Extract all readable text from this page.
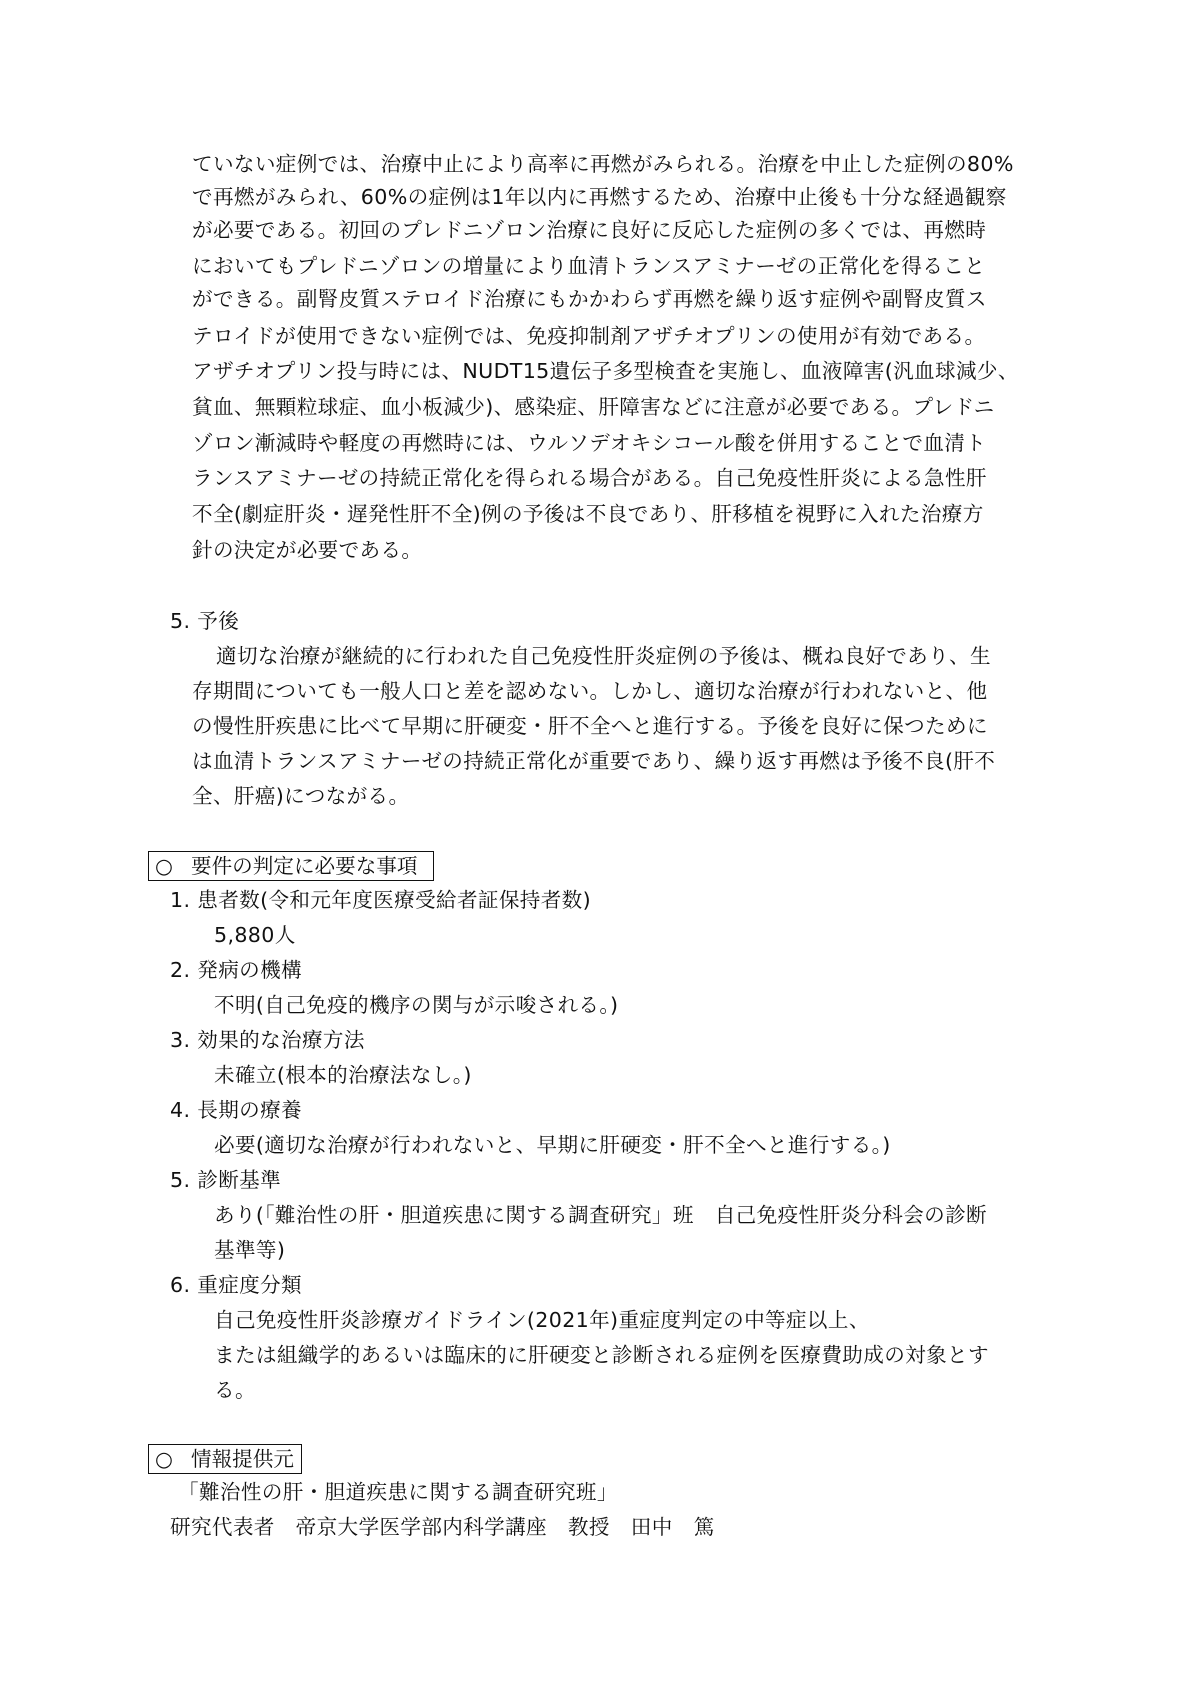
ていない症例では、治療中止により高率に再燃がみられる。治療を中止した症例の80%
で再燃がみられ、60%の症例は1年以内に再燃するため、治療中止後も十分な経過観察
が必要である。初回のプレドニゾロン治療に良好に反応した症例の多くでは、再燃時
においてもプレドニゾロンの増量により血清トランスアミナーゼの正常化を得ること
ができる。副腎皮質ステロイド治療にもかかわらず再燃を繰り返す症例や副腎皮質ス
テロイドが使用できない症例では、免疫抑制剤アザチオプリンの使用が有効である。
アザチオプリン投与時には、NUDT15遺伝子多型検査を実施し、血液障害(汎血球減少、
貧血、無顆粒球症、血小板減少)、感染症、肝障害などに注意が必要である。プレドニ
ゾロン漸減時や軽度の再燃時には、ウルソデオキシコール酸を併用することで血清ト
ランスアミナーゼの持続正常化を得られる場合がある。自己免疫性肝炎による急性肝
不全(劇症肝炎・遅発性肝不全)例の予後は不良であり、肝移植を視野に入れた治療方
針の決定が必要である。
5. 予後
適切な治療が継続的に行われた自己免疫性肝炎症例の予後は、概ね良好であり、生
存期間についても一般人口と差を認めない。しかし、適切な治療が行われないと、他
の慢性肝疾患に比べて早期に肝硬変・肝不全へと進行する。予後を良好に保つために
は血清トランスアミナーゼの持続正常化が重要であり、繰り返す再燃は予後不良(肝不
全、肝癌)につながる。
○ 要件の判定に必要な事項
1. 患者数(令和元年度医療受給者証保持者数)
5,880人
2. 発病の機構
不明(自己免疫的機序の関与が示唆される。)
3. 効果的な治療方法
未確立(根本的治療法なし。)
4. 長期の療養
必要(適切な治療が行われないと、早期に肝硬変・肝不全へと進行する。)
5. 診断基準
あり(「難治性の肝・胆道疾患に関する調査研究」班　自己免疫性肝炎分科会の診断
基準等)
6. 重症度分類
自己免疫性肝炎診療ガイドライン(2021年)重症度判定の中等症以上、
または組織学的あるいは臨床的に肝硬変と診断される症例を医療費助成の対象とす
る。
○ 情報提供元
「難治性の肝・胆道疾患に関する調査研究班」
研究代表者　帝京大学医学部内科学講座　教授　田中　篤
